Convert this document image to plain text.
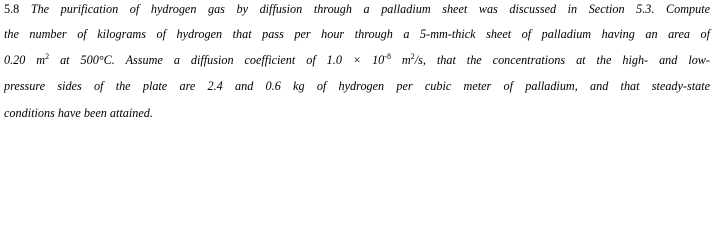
5.8 The purification of hydrogen gas by diffusion through a palladium sheet was discussed in Section 5.3. Compute
the number of kilograms of hydrogen that pass per hour through a 5-mm-thick sheet of palladium having an area of
0.20 $m^2$ at 500°C. Assume a diffusion coefficient of $1.0 \times 10^{-8}$ $m^2/s$, that the concentrations at the high- and low-
pressure sides of the plate are 2.4 and 0.6 kg of hydrogen per cubic meter of palladium, and that steady-state
conditions have been attained.
